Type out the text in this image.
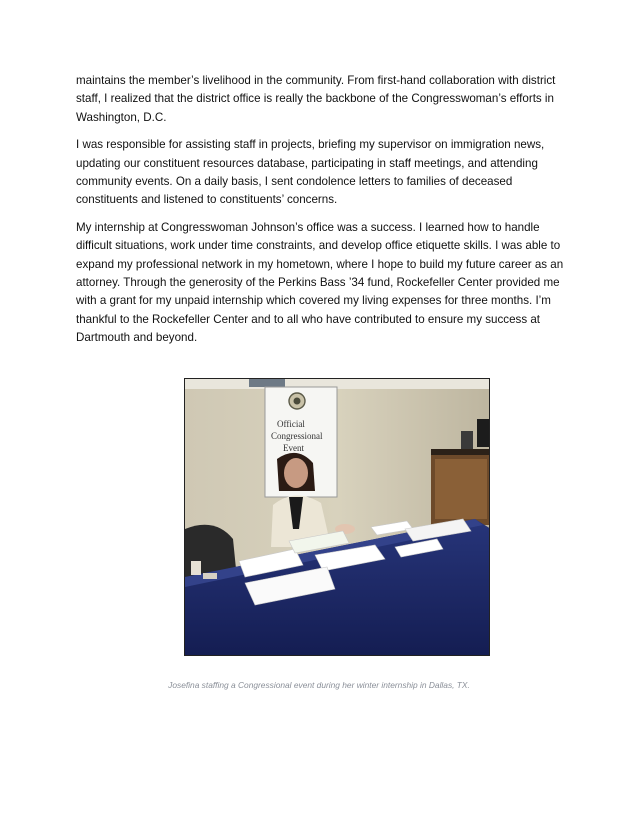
maintains the member’s livelihood in the community. From first-hand collaboration with district staff, I realized that the district office is really the backbone of the Congresswoman’s efforts in Washington, D.C.

I was responsible for assisting staff in projects, briefing my supervisor on immigration news, updating our constituent resources database, participating in staff meetings, and attending community events. On a daily basis, I sent condolence letters to families of deceased constituents and listened to constituents’ concerns.

My internship at Congresswoman Johnson’s office was a success. I learned how to handle difficult situations, work under time constraints, and develop office etiquette skills. I was able to expand my professional network in my hometown, where I hope to build my future career as an attorney. Through the generosity of the Perkins Bass ’34 fund, Rockefeller Center provided me with a grant for my unpaid internship which covered my living expenses for three months. I’m thankful to the Rockefeller Center and to all who have contributed to ensure my success at Dartmouth and beyond.

Official
Congressional
Event
Josefina staffing a Congressional event during her winter internship in Dallas, TX.
